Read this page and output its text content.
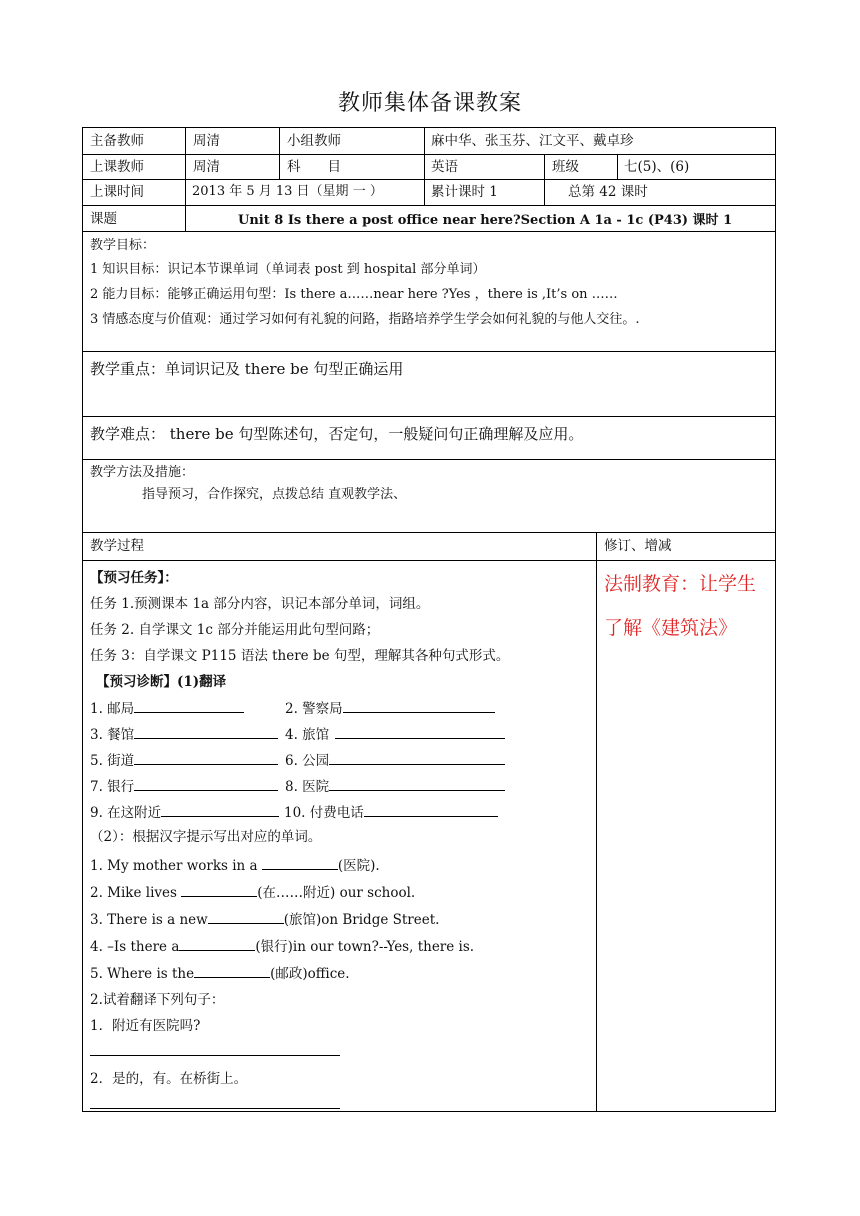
教师集体备课教案
主备教师	周清	小组教师	麻中华、张玉芬、江文平、戴卓珍
上课教师	周清	科　　目	英语	班级	七(5)、(6)
上课时间	2013 年 5 月 13 日（星期 一 ）	累计课时 1	总第 42 课时
课题	Unit 8 Is there a post office near here?Section A 1a - 1c (P43) 课时 1
教学目标：
1 知识目标：识记本节课单词（单词表 post 到 hospital 部分单词）
2 能力目标：能够正确运用句型：Is there a……near here ?Yes ，there is ,It’s on ……
3 情感态度与价值观：通过学习如何有礼貌的问路，指路培养学生学会如何礼貌的与他人交往。.
教学重点：单词识记及 there be 句型正确运用
教学难点： there be 句型陈述句，否定句，一般疑问句正确理解及应用。
教学方法及措施：
指导预习，合作探究，点拨总结 直观教学法、
教学过程	修订、增减
法制教育：让学生了解《建筑法》
【预习任务】：
任务 1.预测课本 1a 部分内容，识记本部分单词，词组。
任务 2. 自学课文 1c 部分并能运用此句型问路；
任务 3：自学课文 P115 语法 there be 句型，理解其各种句式形式。
【预习诊断】(1)翻译
1. 邮局	2. 警察局
3. 餐馆	4. 旅馆
5. 街道	6. 公园
7. 银行	8. 医院
9. 在这附近	10. 付费电话
（2）：根据汉字提示写出对应的单词。
1. My mother works in a	(医院).
2. Mike lives	(在……附近) our school.
3. There is a new	(旅馆)on Bridge Street.
4. –Is there a	(银行)in our town?--Yes, there is.
5. Where is the	(邮政)office.
2.试着翻译下列句子：
1．附近有医院吗?
2．是的，有。在桥街上。
